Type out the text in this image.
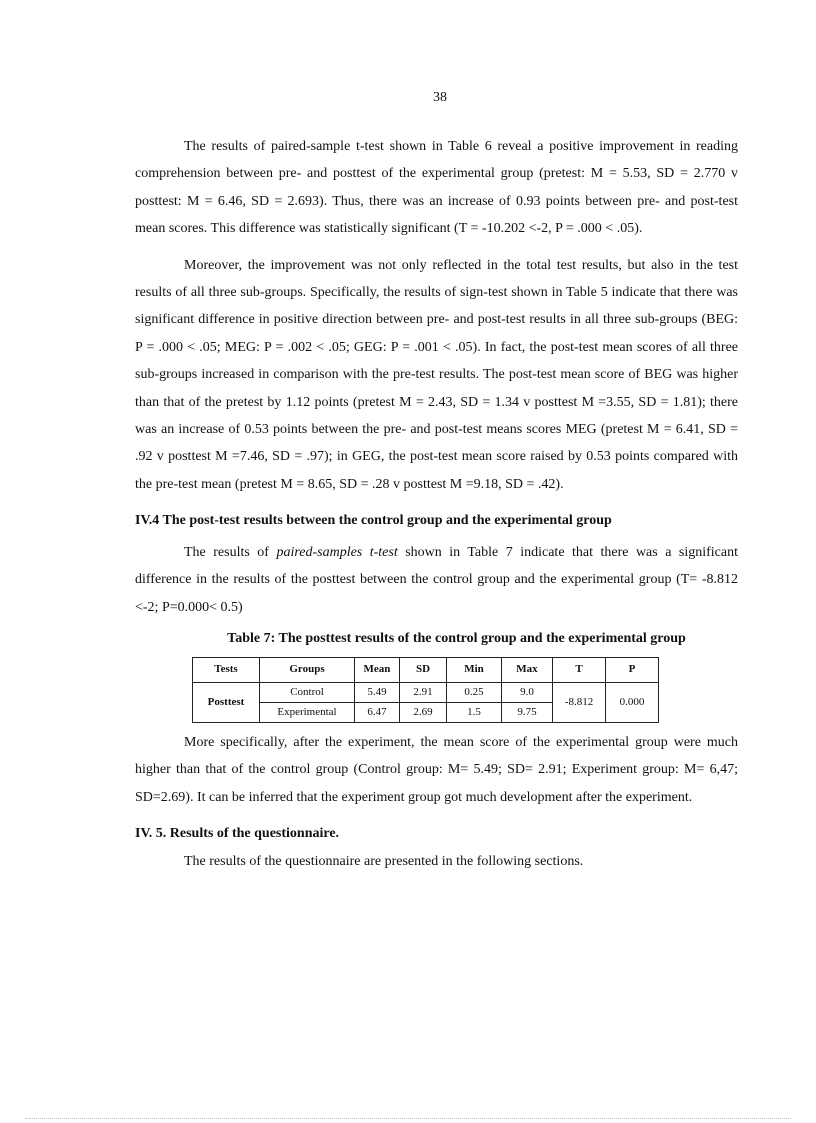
38

The results of paired-sample t-test shown in Table 6 reveal a positive improvement in reading comprehension between pre- and posttest of the experimental group (pretest: M = 5.53, SD = 2.770 v posttest: M = 6.46, SD = 2.693). Thus, there was an increase of 0.93 points between pre- and post-test mean scores. This difference was statistically significant (T = -10.202 <-2, P = .000 < .05).

Moreover, the improvement was not only reflected in the total test results, but also in the test results of all three sub-groups. Specifically, the results of sign-test shown in Table 5 indicate that there was significant difference in positive direction between pre- and post-test results in all three sub-groups (BEG: P = .000 < .05; MEG: P = .002 < .05; GEG: P = .001 < .05). In fact, the post-test mean scores of all three sub-groups increased in comparison with the pre-test results. The post-test mean score of BEG was higher than that of the pretest by 1.12 points (pretest M = 2.43, SD = 1.34 v posttest M =3.55, SD = 1.81); there was an increase of 0.53 points between the pre- and post-test means scores MEG (pretest M = 6.41, SD = .92 v posttest M =7.46, SD = .97); in GEG, the post-test mean score raised by 0.53 points compared with the pre-test mean (pretest M = 8.65, SD = .28 v posttest M =9.18, SD = .42).

IV.4 The post-test results between the control group and the experimental group

The results of paired-samples t-test shown in Table 7 indicate that there was a significant difference in the results of the posttest between the control group and the experimental group (T= -8.812 <-2; P=0.000< 0.5)

Table 7: The posttest results of the control group and the experimental group
Tests	Groups	Mean	SD	Min	Max	T	P
Posttest	Control	5.49	2.91	0.25	9.0	-8.812	0.000
	Experimental	6.47	2.69	1.5	9.75		

More specifically, after the experiment, the mean score of the experimental group were much higher than that of the control group (Control group: M= 5.49; SD= 2.91; Experiment group: M= 6,47; SD=2.69). It can be inferred that the experiment group got much development after the experiment.

IV. 5. Results of the questionnaire.

The results of the questionnaire are presented in the following sections.
